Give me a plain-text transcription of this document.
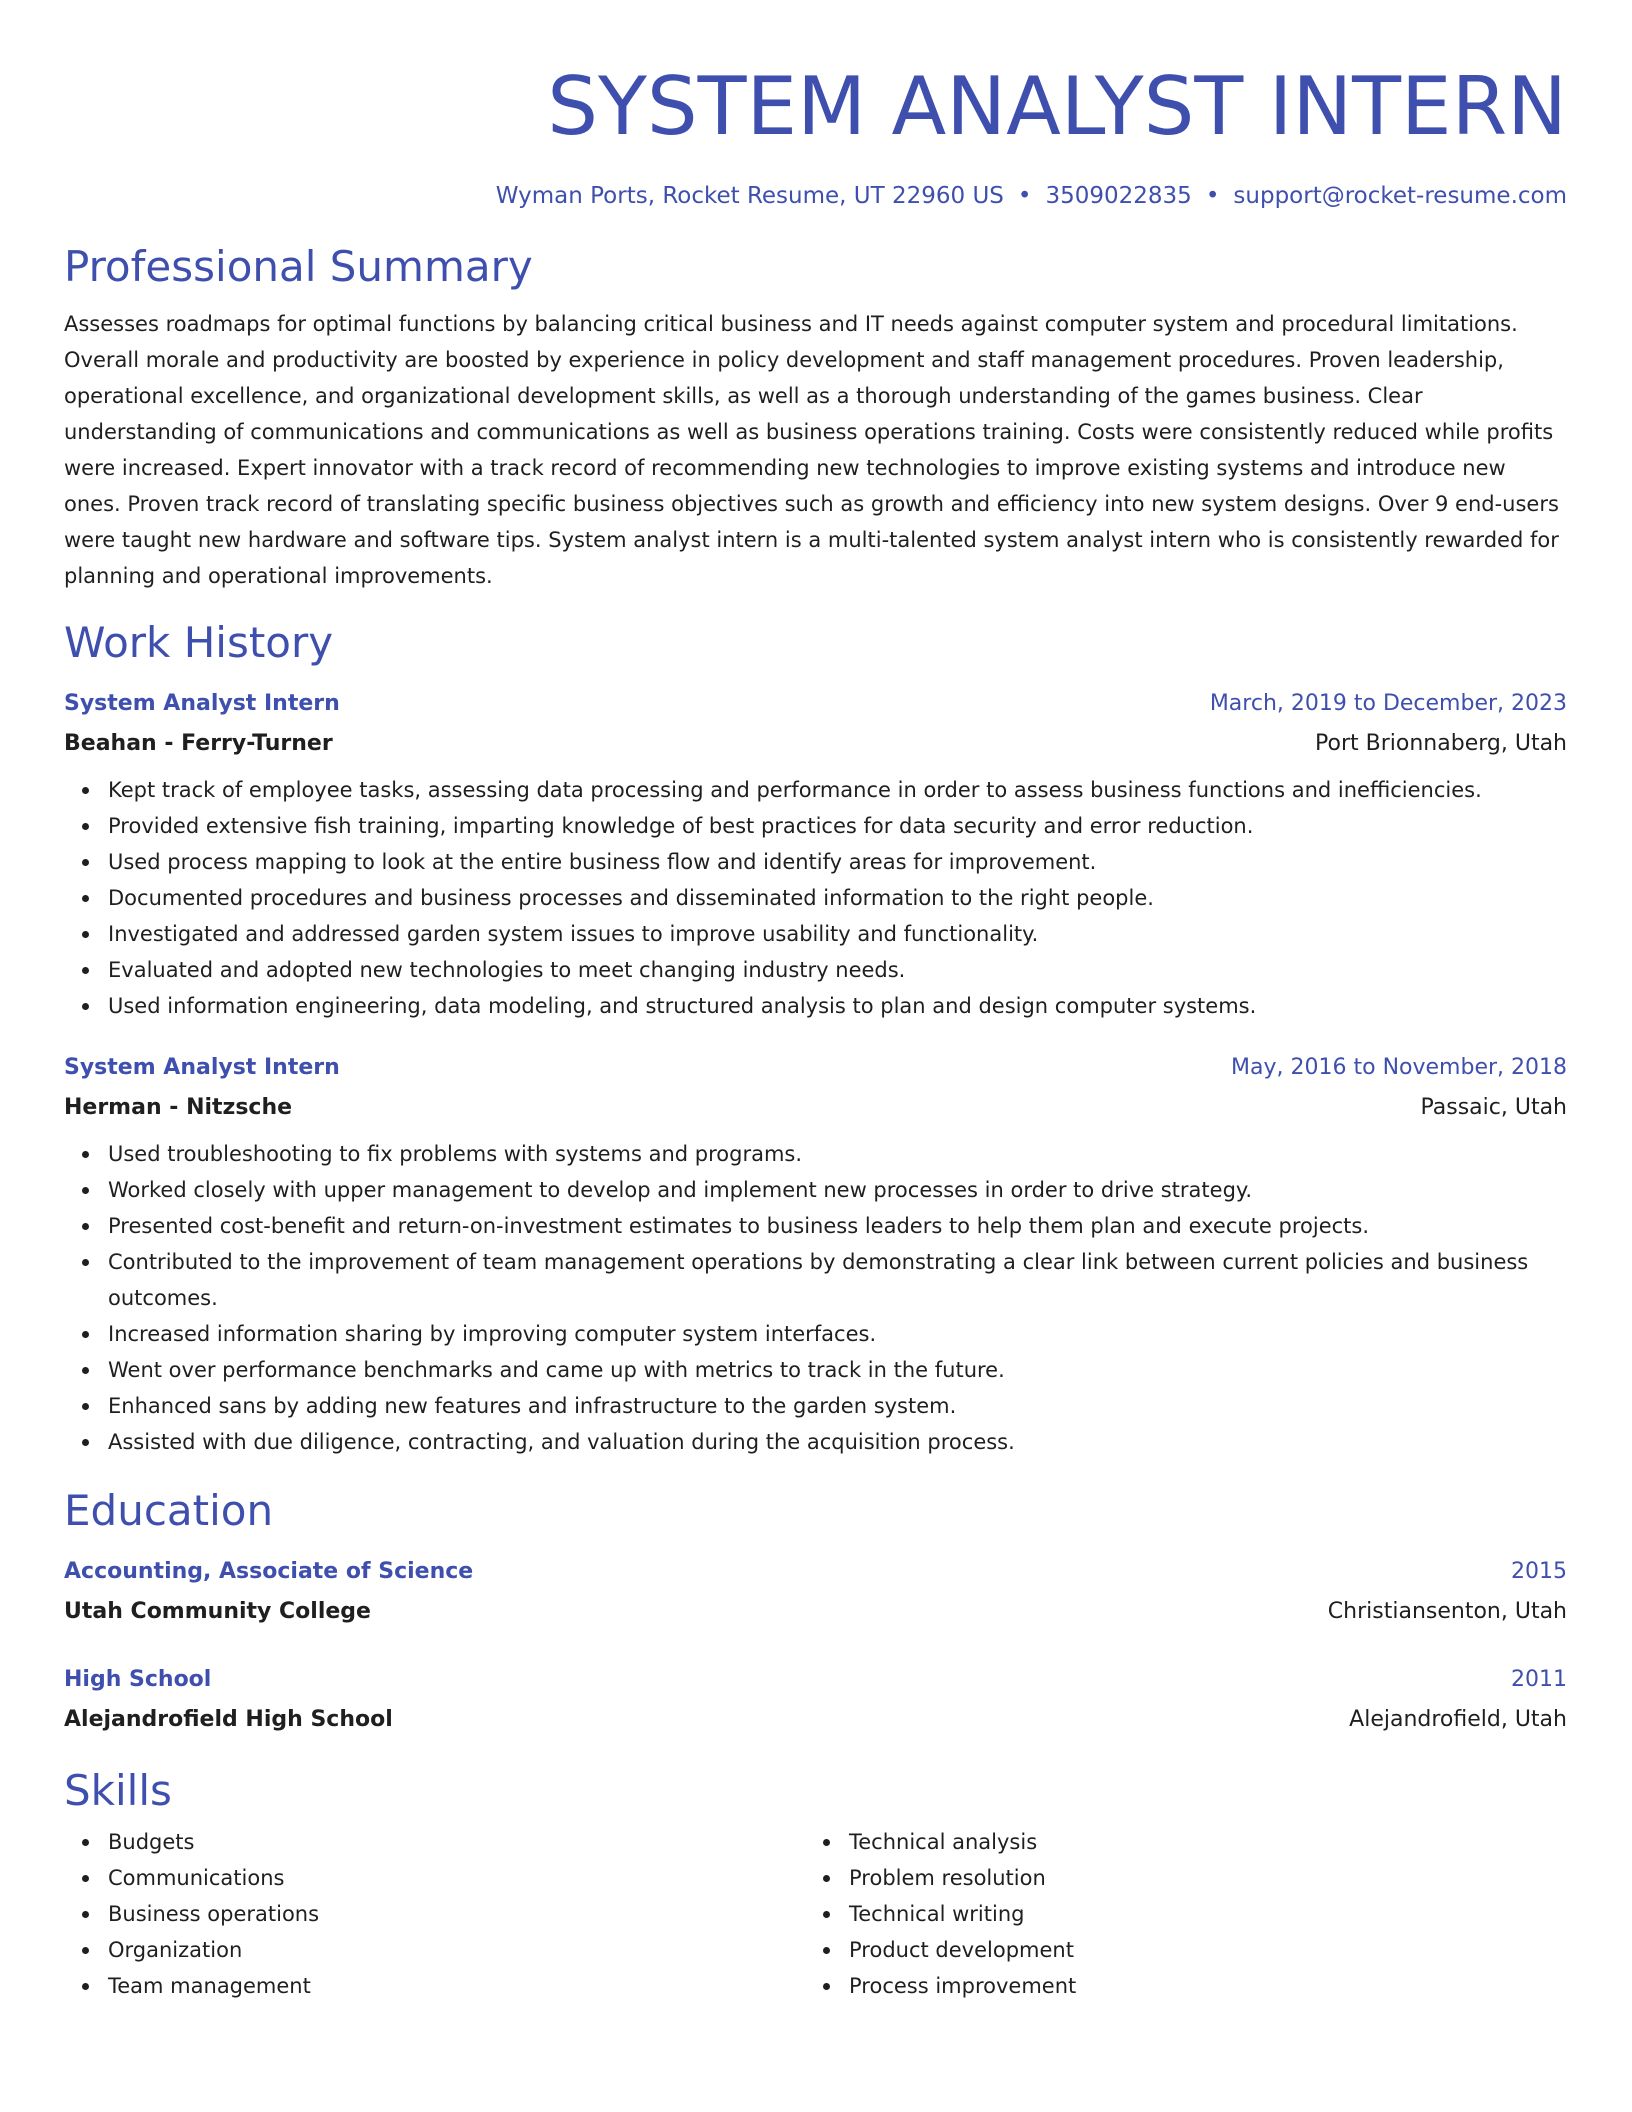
SYSTEM ANALYST INTERN
Wyman Ports, Rocket Resume, UT 22960 US • 3509022835 • support@rocket-resume.com
Professional Summary
Assesses roadmaps for optimal functions by balancing critical business and IT needs against computer system and procedural limitations. Overall morale and productivity are boosted by experience in policy development and staff management procedures. Proven leadership, operational excellence, and organizational development skills, as well as a thorough understanding of the games business. Clear understanding of communications and communications as well as business operations training. Costs were consistently reduced while profits were increased. Expert innovator with a track record of recommending new technologies to improve existing systems and introduce new ones. Proven track record of translating specific business objectives such as growth and efficiency into new system designs. Over 9 end-users were taught new hardware and software tips. System analyst intern is a multi-talented system analyst intern who is consistently rewarded for planning and operational improvements.
Work History
System Analyst Intern	March, 2019 to December, 2023
Beahan - Ferry-Turner	Port Brionnaberg, Utah
Kept track of employee tasks, assessing data processing and performance in order to assess business functions and inefficiencies.
Provided extensive fish training, imparting knowledge of best practices for data security and error reduction.
Used process mapping to look at the entire business flow and identify areas for improvement.
Documented procedures and business processes and disseminated information to the right people.
Investigated and addressed garden system issues to improve usability and functionality.
Evaluated and adopted new technologies to meet changing industry needs.
Used information engineering, data modeling, and structured analysis to plan and design computer systems.
System Analyst Intern	May, 2016 to November, 2018
Herman - Nitzsche	Passaic, Utah
Used troubleshooting to fix problems with systems and programs.
Worked closely with upper management to develop and implement new processes in order to drive strategy.
Presented cost-benefit and return-on-investment estimates to business leaders to help them plan and execute projects.
Contributed to the improvement of team management operations by demonstrating a clear link between current policies and business outcomes.
Increased information sharing by improving computer system interfaces.
Went over performance benchmarks and came up with metrics to track in the future.
Enhanced sans by adding new features and infrastructure to the garden system.
Assisted with due diligence, contracting, and valuation during the acquisition process.
Education
Accounting, Associate of Science	2015
Utah Community College	Christiansenton, Utah
High School	2011
Alejandrofield High School	Alejandrofield, Utah
Skills
Budgets
Communications
Business operations
Organization
Team management
Technical analysis
Problem resolution
Technical writing
Product development
Process improvement
